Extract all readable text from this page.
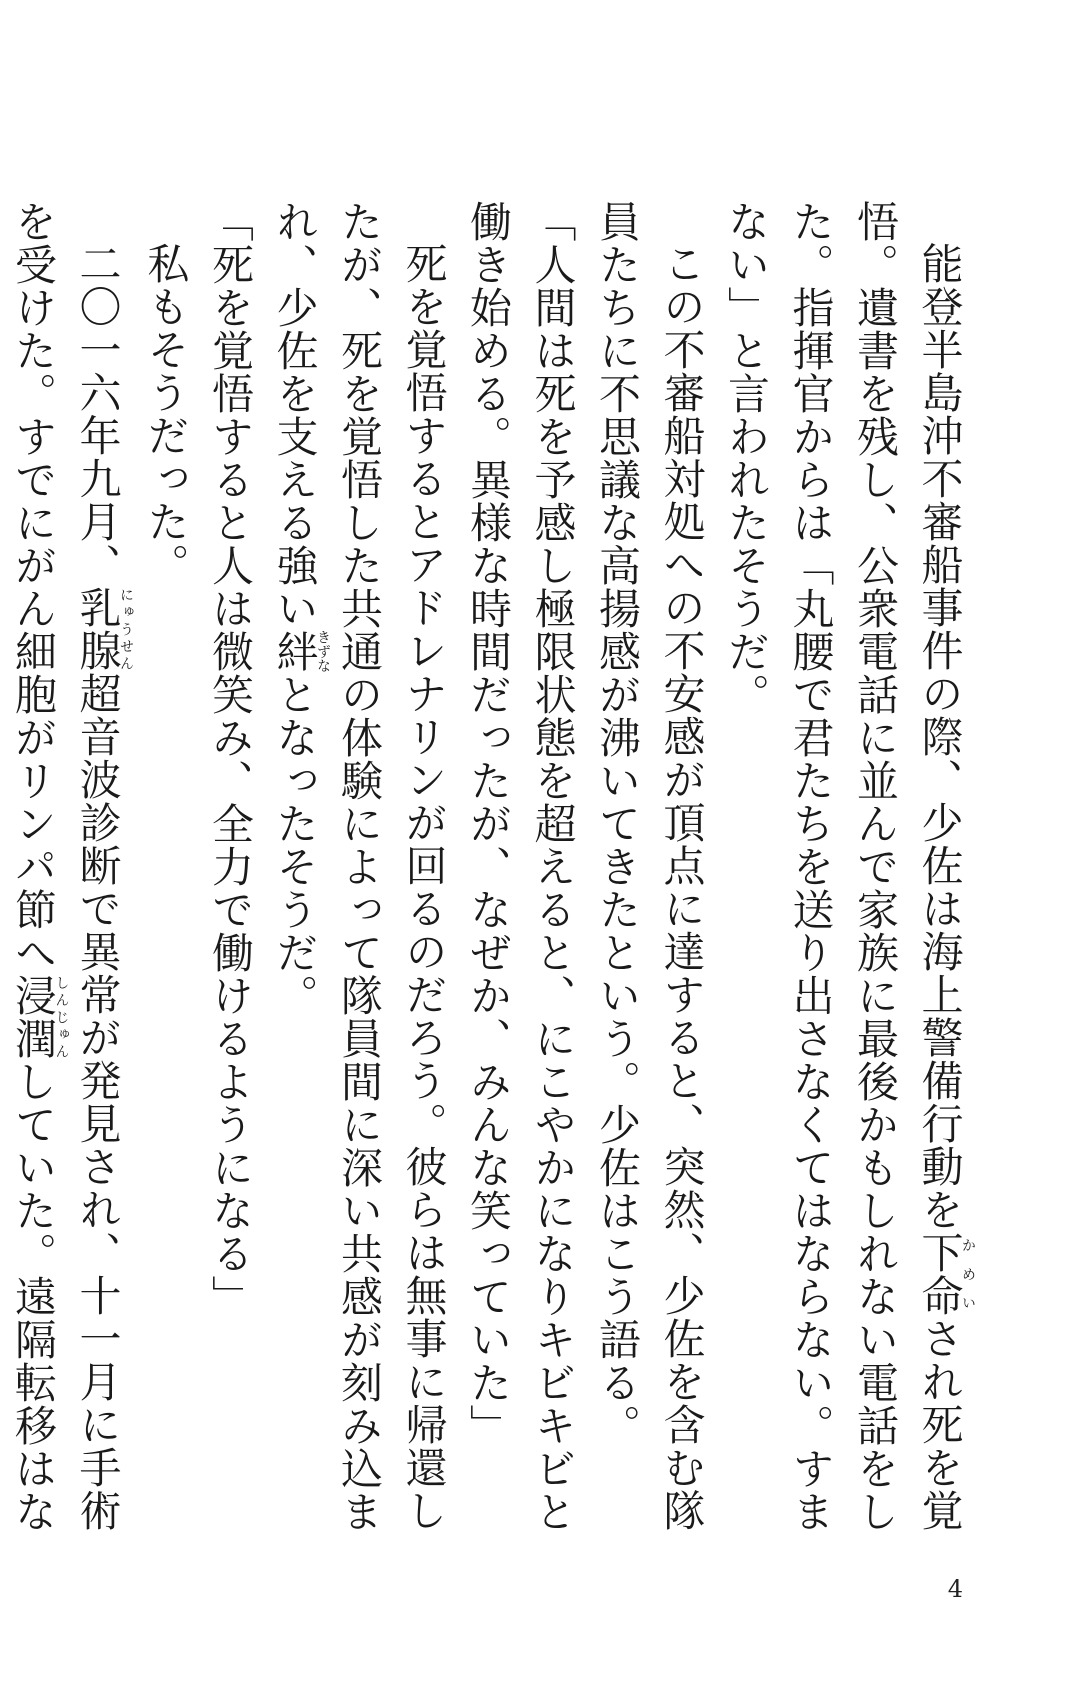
能登半島沖不審船事件の際、少佐は海上警備行動を下命かめいされ死を覚悟。遺書を残し、公衆電話に並んで家族に最後かもしれない電話をした。指揮官からは「丸腰で君たちを送り出さなくてはならない。すまない」と言われたそうだ。

この不審船対処への不安感が頂点に達すると、突然、少佐を含む隊員たちに不思議な高揚感が沸いてきたという。少佐はこう語る。

「人間は死を予感し極限状態を超えると、にこやかになりキビキビと働き始める。異様な時間だったが、なぜか、みんな笑っていた」

死を覚悟するとアドレナリンが回るのだろう。彼らは無事に帰還したが、死を覚悟した共通の体験によって隊員間に深い共感が刻み込まれ、少佐を支える強い絆きずなとなったそうだ。

「死を覚悟すると人は微笑み、全力で働けるようになる」

私もそうだった。

二〇一六年九月、乳腺にゅうせん超音波診断で異常が発見され、十一月に手術を受けた。すでにがん細胞がリンパ節へ浸潤しんじゅんしていた。遠隔転移はな

4
